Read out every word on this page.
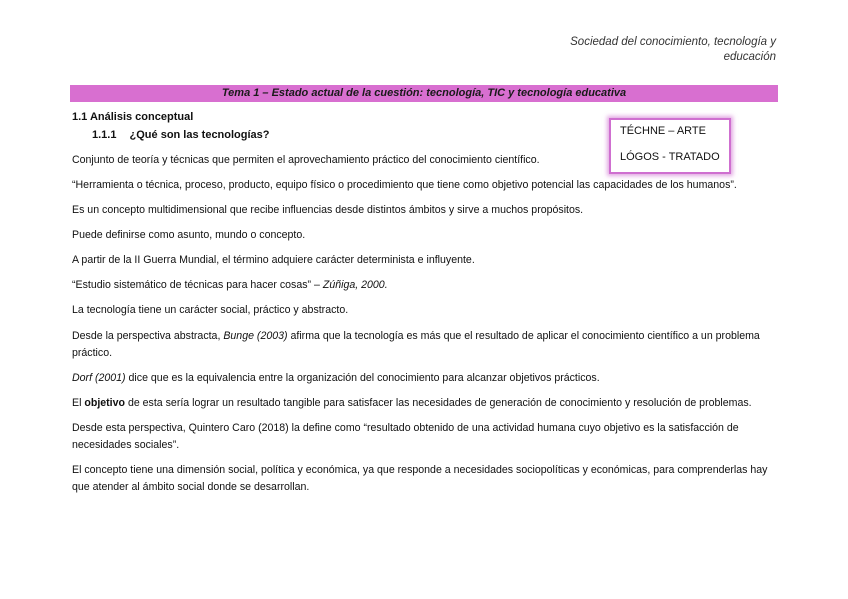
Sociedad del conocimiento, tecnología y
educación
Tema 1 – Estado actual de la cuestión: tecnología, TIC y tecnología educativa
1.1 Análisis conceptual
1.1.1 ¿Qué son las tecnologías?	TÉCHNE – ARTE
LÓGOS - TRATADO
Conjunto de teoría y técnicas que permiten el aprovechamiento práctico del conocimiento científico.
“Herramienta o técnica, proceso, producto, equipo físico o procedimiento que tiene como objetivo potencial las capacidades de los humanos”.
Es un concepto multidimensional que recibe influencias desde distintos ámbitos y sirve a muchos propósitos.
Puede definirse como asunto, mundo o concepto.
A partir de la II Guerra Mundial, el término adquiere carácter determinista e influyente.
“Estudio sistemático de técnicas para hacer cosas” – Zúñiga, 2000.
La tecnología tiene un carácter social, práctico y abstracto.
Desde la perspectiva abstracta, Bunge (2003) afirma que la tecnología es más que el resultado de aplicar el conocimiento científico a un problema práctico.
Dorf (2001) dice que es la equivalencia entre la organización del conocimiento para alcanzar objetivos prácticos.
El objetivo de esta sería lograr un resultado tangible para satisfacer las necesidades de generación de conocimiento y resolución de problemas.
Desde esta perspectiva, Quintero Caro (2018) la define como “resultado obtenido de una actividad humana cuyo objetivo es la satisfacción de necesidades sociales”.
El concepto tiene una dimensión social, política y económica, ya que responde a necesidades sociopolíticas y económicas, para comprenderlas hay que atender al ámbito social donde se desarrollan.
